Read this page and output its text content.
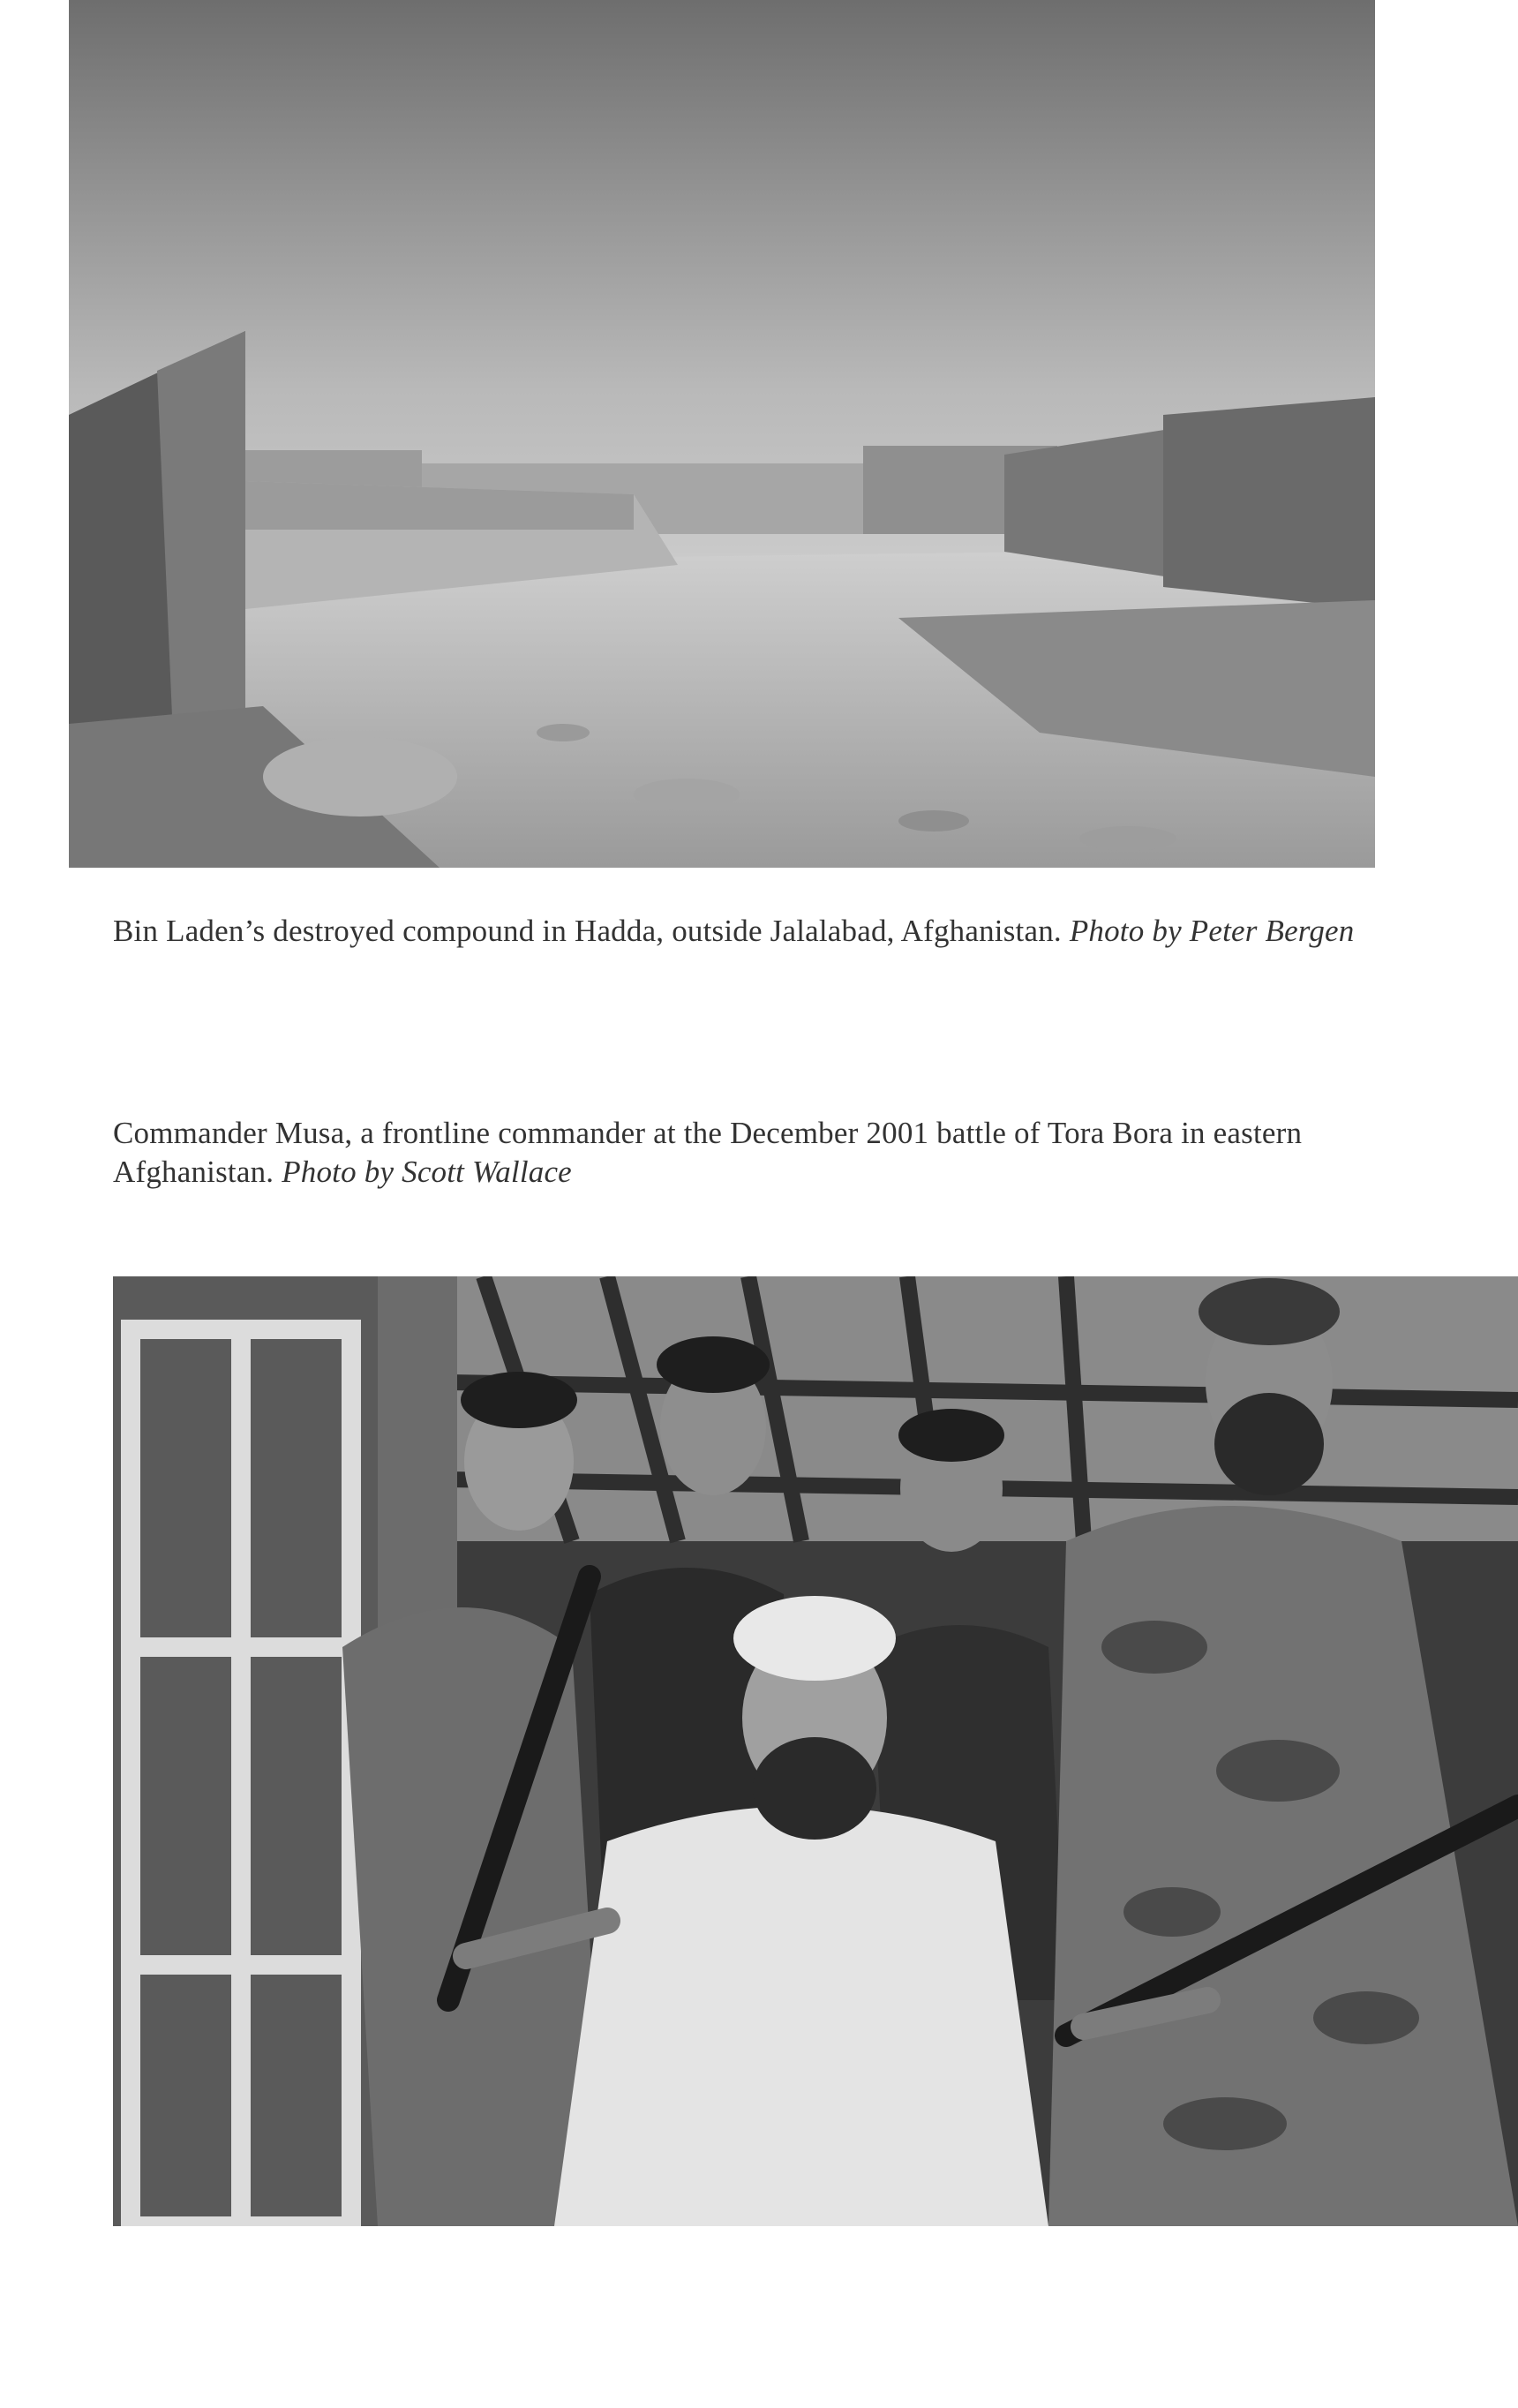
Bin Laden’s destroyed compound in Hadda, outside Jalalabad, Afghanistan. Photo by Peter Bergen
Commander Musa, a frontline commander at the December 2001 battle of Tora Bora in eastern Afghanistan. Photo by Scott Wallace
